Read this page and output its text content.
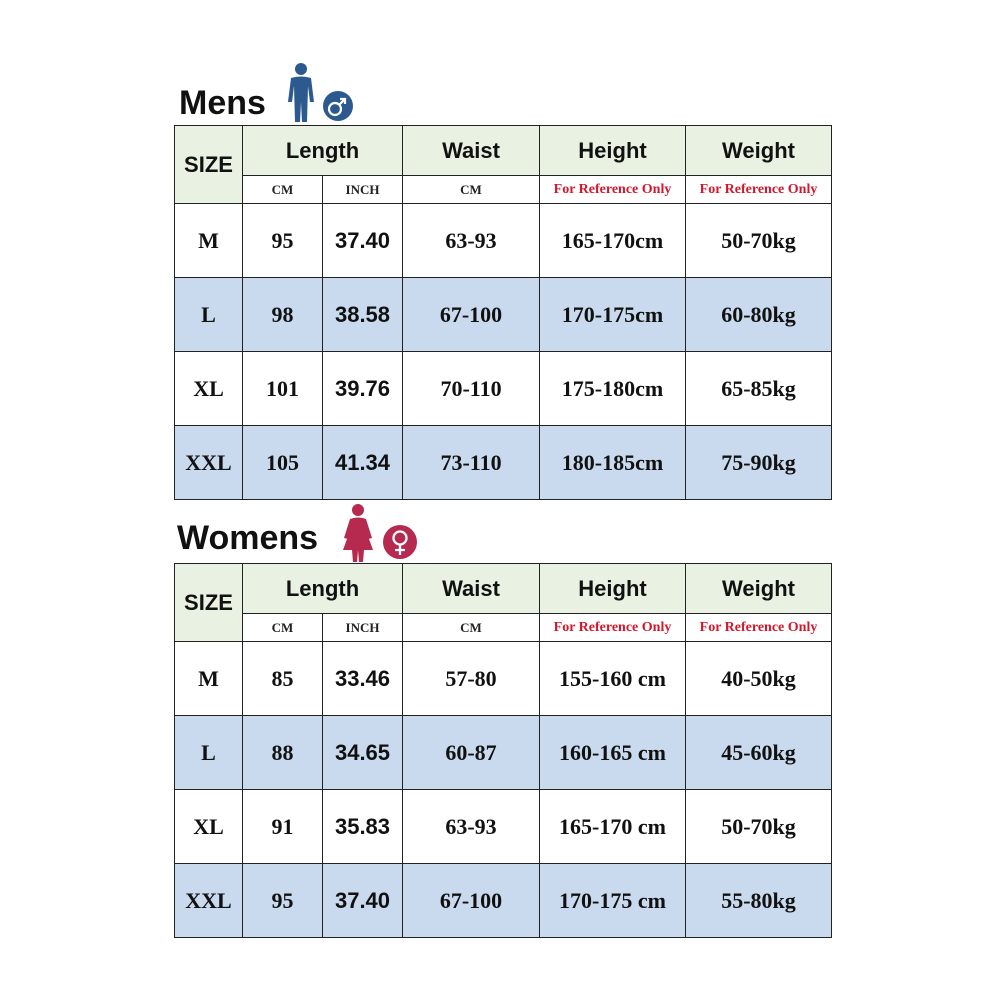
Mens
SIZE	Length		Waist	Height	Weight
	CM	INCH	CM	For Reference Only	For Reference Only
M	95	37.40	63-93	165-170cm	50-70kg
L	98	38.58	67-100	170-175cm	60-80kg
XL	101	39.76	70-110	175-180cm	65-85kg
XXL	105	41.34	73-110	180-185cm	75-90kg
Womens
SIZE	Length		Waist	Height	Weight
	CM	INCH	CM	For Reference Only	For Reference Only
M	85	33.46	57-80	155-160 cm	40-50kg
L	88	34.65	60-87	160-165 cm	45-60kg
XL	91	35.83	63-93	165-170 cm	50-70kg
XXL	95	37.40	67-100	170-175 cm	55-80kg
